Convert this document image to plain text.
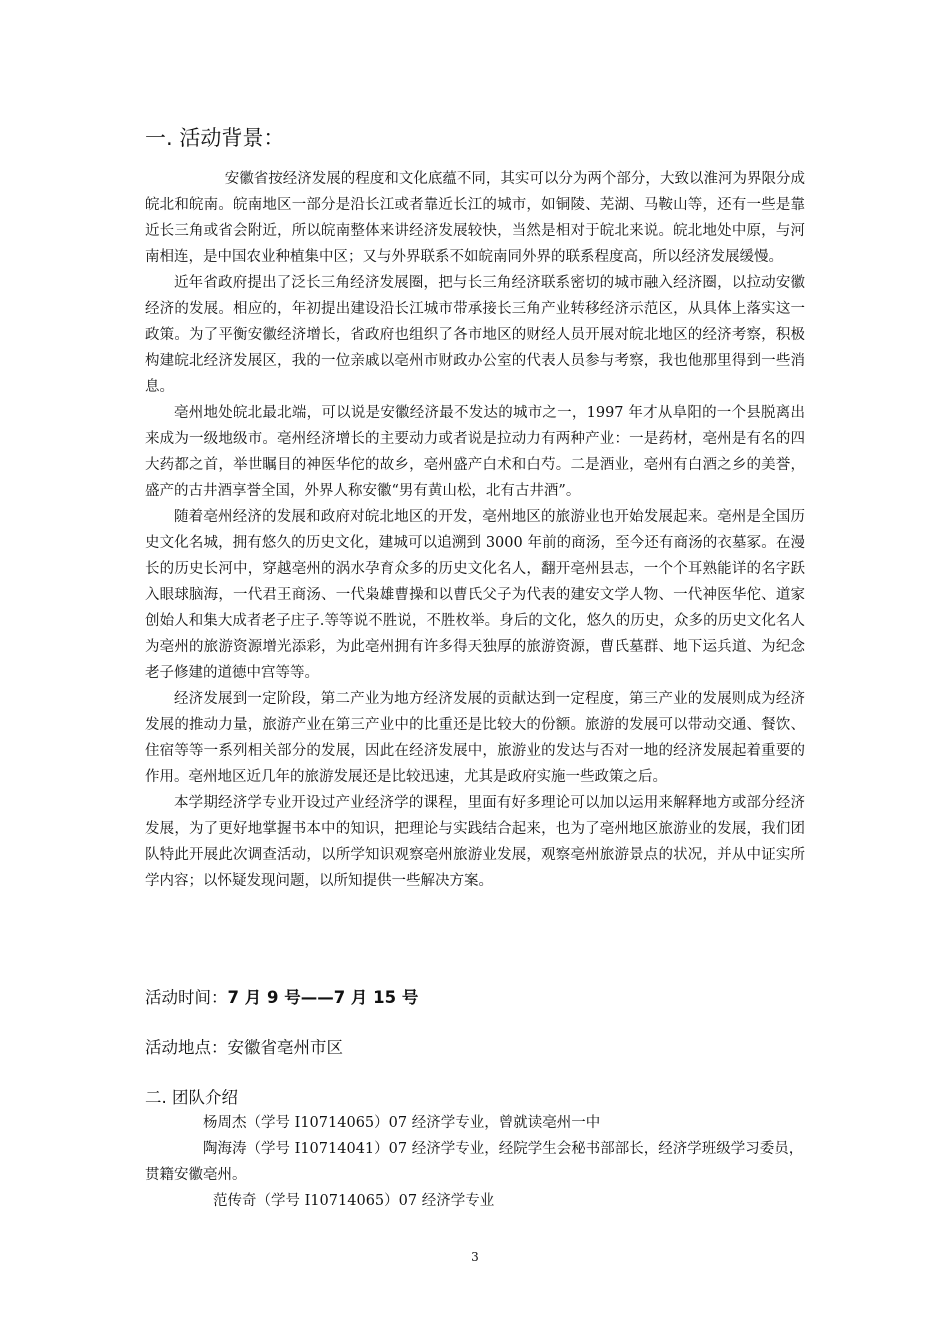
一. 活动背景：

安徽省按经济发展的程度和文化底蕴不同，其实可以分为两个部分，大致以淮河为界限分成皖北和皖南。皖南地区一部分是沿长江或者靠近长江的城市，如铜陵、芜湖、马鞍山等，还有一些是靠近长三角或省会附近，所以皖南整体来讲经济发展较快，当然是相对于皖北来说。皖北地处中原，与河南相连，是中国农业种植集中区；又与外界联系不如皖南同外界的联系程度高，所以经济发展缓慢。

近年省政府提出了泛长三角经济发展圈，把与长三角经济联系密切的城市融入经济圈，以拉动安徽经济的发展。相应的，年初提出建设沿长江城市带承接长三角产业转移经济示范区，从具体上落实这一政策。为了平衡安徽经济增长，省政府也组织了各市地区的财经人员开展对皖北地区的经济考察，积极构建皖北经济发展区，我的一位亲戚以亳州市财政办公室的代表人员参与考察，我也他那里得到一些消息。

亳州地处皖北最北端，可以说是安徽经济最不发达的城市之一，1997 年才从阜阳的一个县脱离出来成为一级地级市。亳州经济增长的主要动力或者说是拉动力有两种产业：一是药材，亳州是有名的四大药都之首，举世瞩目的神医华佗的故乡，亳州盛产白术和白芍。二是酒业，亳州有白酒之乡的美誉，盛产的古井酒享誉全国，外界人称安徽“男有黄山松，北有古井酒”。

随着亳州经济的发展和政府对皖北地区的开发，亳州地区的旅游业也开始发展起来。亳州是全国历史文化名城，拥有悠久的历史文化，建城可以追溯到 3000 年前的商汤，至今还有商汤的衣墓冢。在漫长的历史长河中，穿越亳州的涡水孕育众多的历史文化名人，翻开亳州县志，一个个耳熟能详的名字跃入眼球脑海，一代君王商汤、一代枭雄曹操和以曹氏父子为代表的建安文学人物、一代神医华佗、道家创始人和集大成者老子庄子.等等说不胜说，不胜枚举。身后的文化，悠久的历史，众多的历史文化名人为亳州的旅游资源增光添彩，为此亳州拥有许多得天独厚的旅游资源，曹氏墓群、地下运兵道、为纪念老子修建的道德中宫等等。

经济发展到一定阶段，第二产业为地方经济发展的贡献达到一定程度，第三产业的发展则成为经济发展的推动力量，旅游产业在第三产业中的比重还是比较大的份额。旅游的发展可以带动交通、餐饮、住宿等等一系列相关部分的发展，因此在经济发展中，旅游业的发达与否对一地的经济发展起着重要的作用。亳州地区近几年的旅游发展还是比较迅速，尤其是政府实施一些政策之后。

本学期经济学专业开设过产业经济学的课程，里面有好多理论可以加以运用来解释地方或部分经济发展，为了更好地掌握书本中的知识，把理论与实践结合起来，也为了亳州地区旅游业的发展，我们团队特此开展此次调查活动，以所学知识观察亳州旅游业发展，观察亳州旅游景点的状况，并从中证实所学内容；以怀疑发现问题，以所知提供一些解决方案。

活动时间：7 月 9 号——7 月 15 号
活动地点：安徽省亳州市区
二. 团队介绍

杨周杰（学号 I10714065）07 经济学专业，曾就读亳州一中

陶海涛（学号 I10714041）07 经济学专业，经院学生会秘书部部长，经济学班级学习委员，贯籍安徽亳州。

范传奇（学号 I10714065）07 经济学专业

3
